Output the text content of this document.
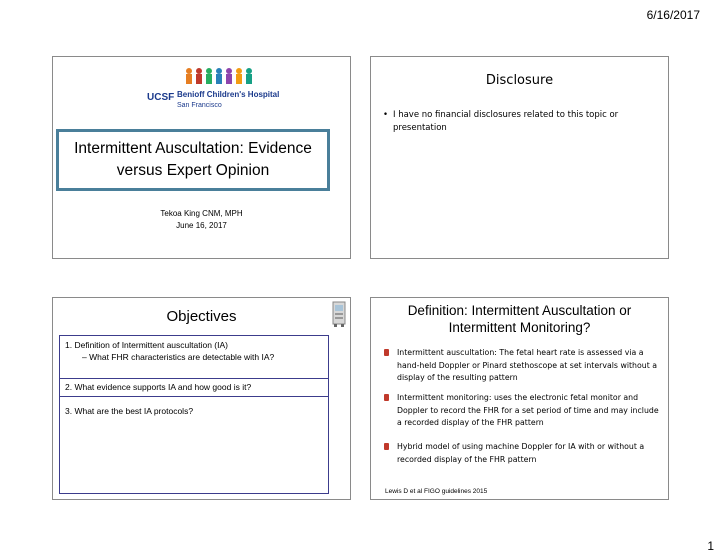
6/16/2017
UCSF Benioff Children's Hospital
San Francisco
Intermittent Auscultation: Evidence
versus Expert Opinion
Tekoa King CNM, MPH
June 16, 2017
Disclosure
• I have no financial disclosures related to this topic or presentation
Objectives
1. Definition of Intermittent auscultation (IA)
– What FHR characteristics are detectable with IA?
2. What evidence supports IA and how good is it?
3. What are the best IA protocols?
Definition: Intermittent Auscultation or
Intermittent Monitoring?
Intermittent auscultation: The fetal heart rate is assessed via a hand-held Doppler or Pinard stethoscope at set intervals without a display of the resulting pattern
Intermittent monitoring: uses the electronic fetal monitor and Doppler to record the FHR for a set period of time and may include a recorded display of the FHR pattern
Hybrid model of using machine Doppler for IA with or without a recorded display of the FHR pattern
Lewis D et al FIGO guidelines 2015
1
